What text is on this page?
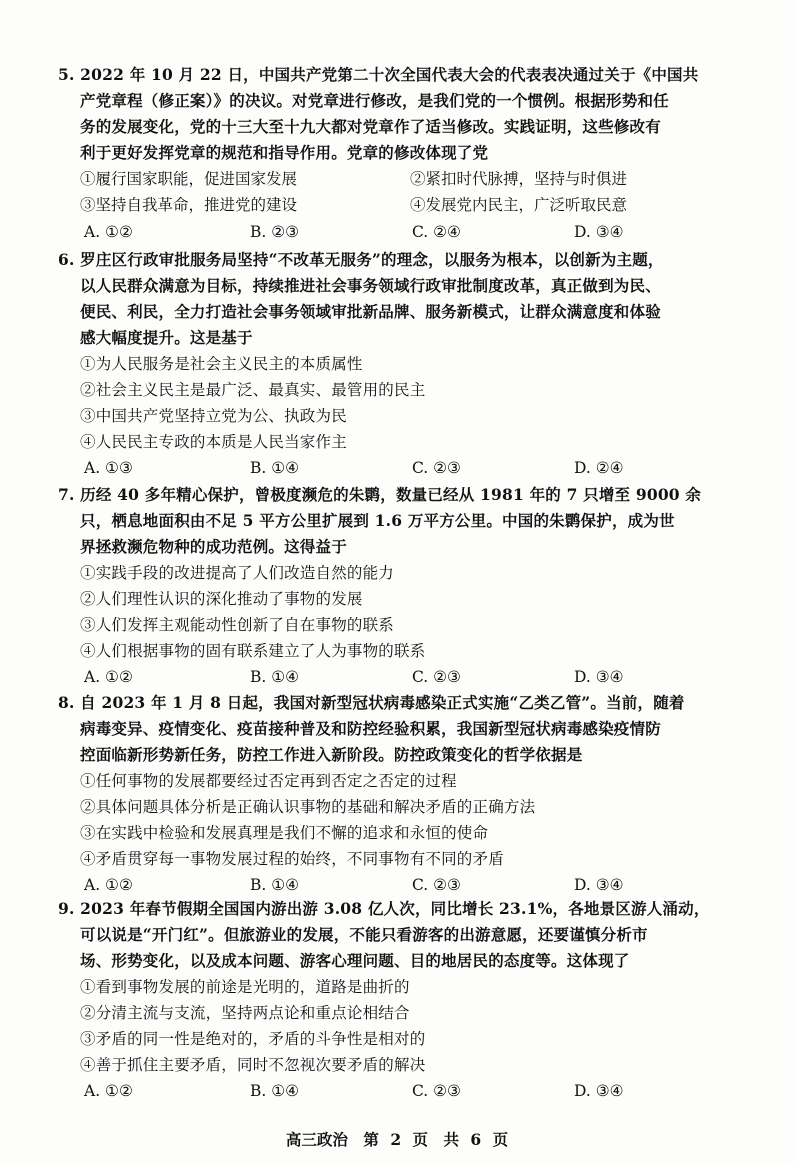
5. 2022 年 10 月 22 日，中国共产党第二十次全国代表大会的代表表决通过关于《中国共
产党章程（修正案）》的决议。对党章进行修改，是我们党的一个惯例。根据形势和任
务的发展变化，党的十三大至十九大都对党章作了适当修改。实践证明，这些修改有
利于更好发挥党章的规范和指导作用。党章的修改体现了党
①履行国家职能，促进国家发展	②紧扣时代脉搏，坚持与时俱进
③坚持自我革命，推进党的建设	④发展党内民主，广泛听取民意
A. ①②	B. ②③	C. ②④	D. ③④
6. 罗庄区行政审批服务局坚持“不改革无服务”的理念，以服务为根本，以创新为主题，
以人民群众满意为目标，持续推进社会事务领域行政审批制度改革，真正做到为民、
便民、利民，全力打造社会事务领域审批新品牌、服务新模式，让群众满意度和体验
感大幅度提升。这是基于
①为人民服务是社会主义民主的本质属性
②社会主义民主是最广泛、最真实、最管用的民主
③中国共产党坚持立党为公、执政为民
④人民民主专政的本质是人民当家作主
A. ①③	B. ①④	C. ②③	D. ②④
7. 历经 40 多年精心保护，曾极度濒危的朱鹮，数量已经从 1981 年的 7 只增至 9000 余
只，栖息地面积由不足 5 平方公里扩展到 1.6 万平方公里。中国的朱鹮保护，成为世
界拯救濒危物种的成功范例。这得益于
①实践手段的改进提高了人们改造自然的能力
②人们理性认识的深化推动了事物的发展
③人们发挥主观能动性创新了自在事物的联系
④人们根据事物的固有联系建立了人为事物的联系
A. ①②	B. ①④	C. ②③	D. ③④
8. 自 2023 年 1 月 8 日起，我国对新型冠状病毒感染正式实施“乙类乙管”。当前，随着
病毒变异、疫情变化、疫苗接种普及和防控经验积累，我国新型冠状病毒感染疫情防
控面临新形势新任务，防控工作进入新阶段。防控政策变化的哲学依据是
①任何事物的发展都要经过否定再到否定之否定的过程
②具体问题具体分析是正确认识事物的基础和解决矛盾的正确方法
③在实践中检验和发展真理是我们不懈的追求和永恒的使命
④矛盾贯穿每一事物发展过程的始终，不同事物有不同的矛盾
A. ①②	B. ①④	C. ②③	D. ③④
9. 2023 年春节假期全国国内游出游 3.08 亿人次，同比增长 23.1%，各地景区游人涌动，
可以说是“开门红”。但旅游业的发展，不能只看游客的出游意愿，还要谨慎分析市
场、形势变化，以及成本问题、游客心理问题、目的地居民的态度等。这体现了
①看到事物发展的前途是光明的，道路是曲折的
②分清主流与支流，坚持两点论和重点论相结合
③矛盾的同一性是绝对的，矛盾的斗争性是相对的
④善于抓住主要矛盾，同时不忽视次要矛盾的解决
A. ①②	B. ①④	C. ②③	D. ③④
高三政治　第 2 页　共 6 页
